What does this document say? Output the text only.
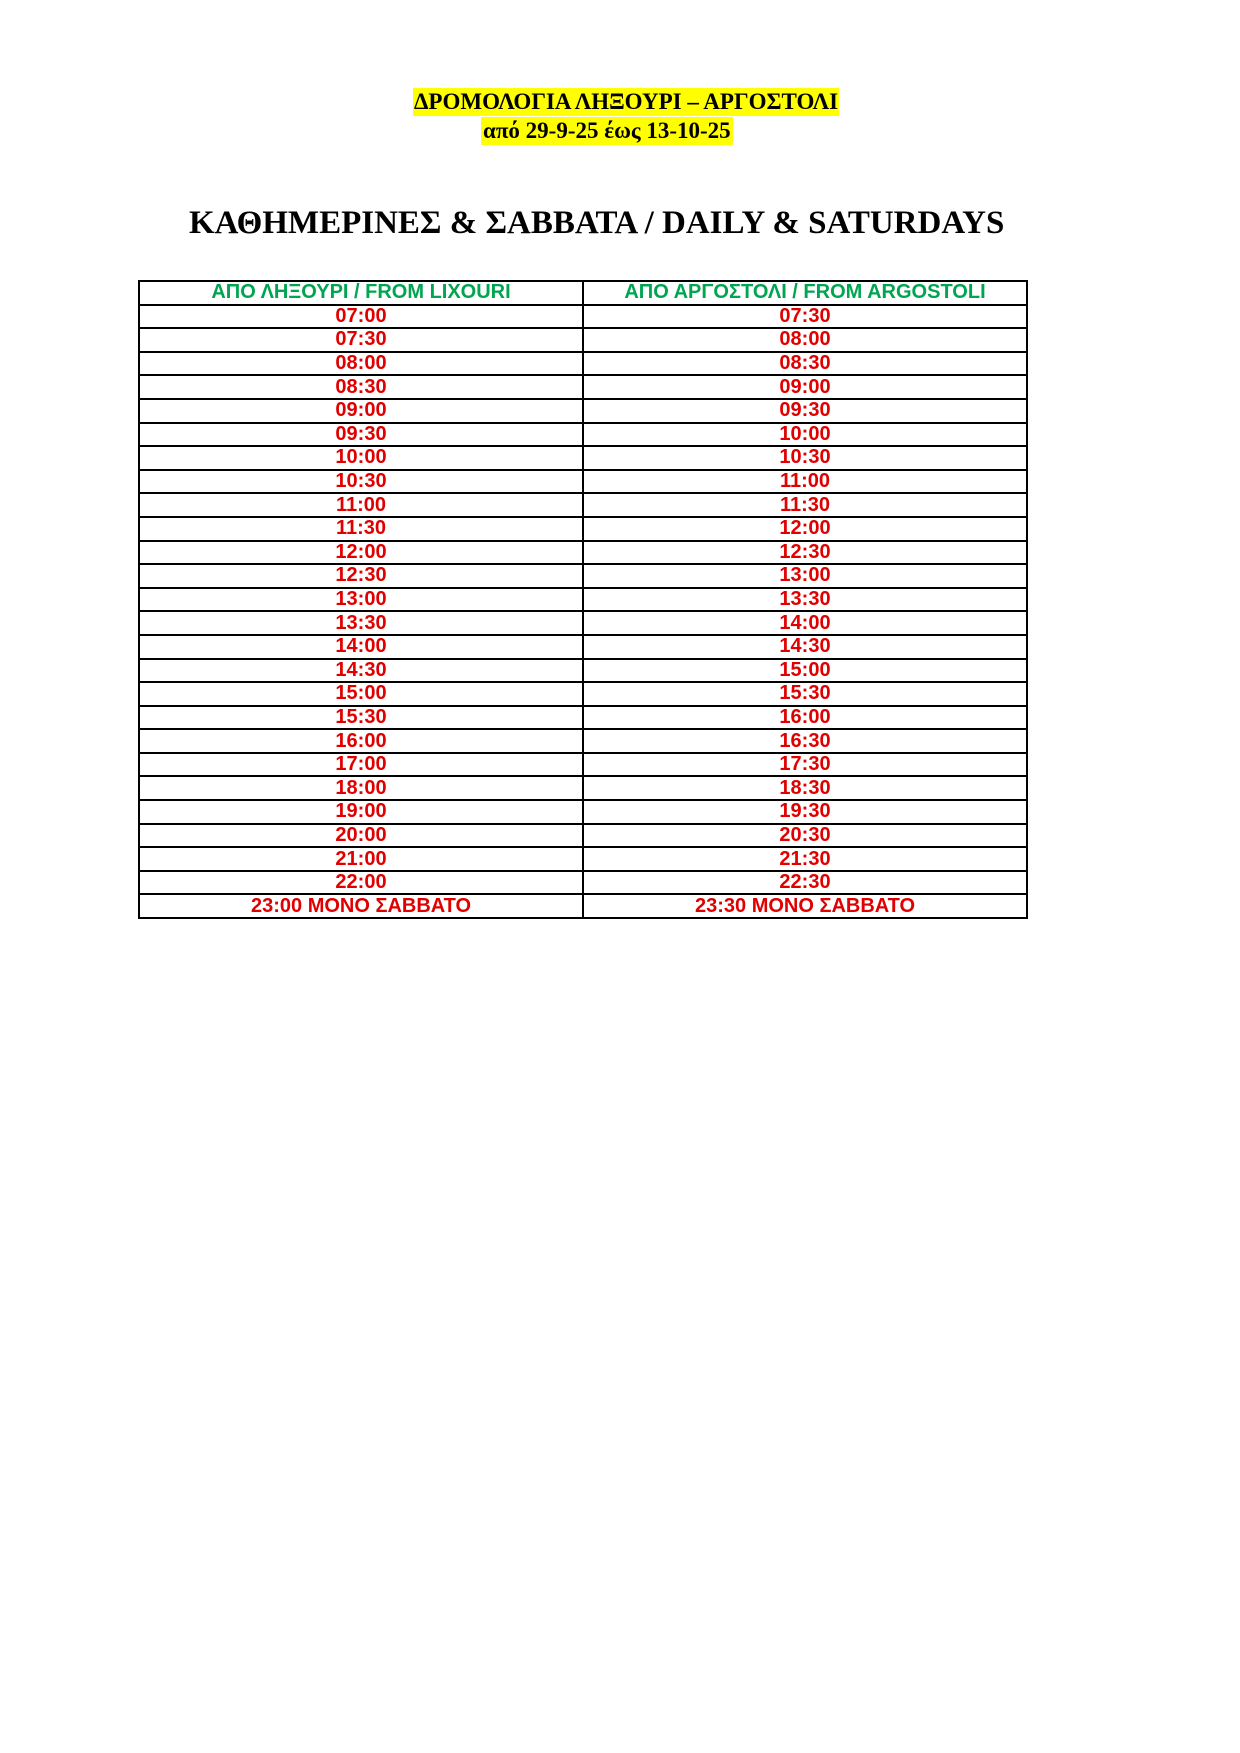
ΔΡΟΜΟΛΟΓΙΑ ΛΗΞΟΥΡΙ – ΑΡΓΟΣΤΟΛΙ
από 29-9-25 έως 13-10-25
ΚΑΘΗΜΕΡΙΝΕΣ & ΣΑΒΒΑΤΑ / DAILY & SATURDAYS
ΑΠΟ ΛΗΞΟΥΡΙ / FROM LIXOURI	ΑΠΟ ΑΡΓΟΣΤΟΛΙ / FROM ARGOSTOLI
07:00	07:30
07:30	08:00
08:00	08:30
08:30	09:00
09:00	09:30
09:30	10:00
10:00	10:30
10:30	11:00
11:00	11:30
11:30	12:00
12:00	12:30
12:30	13:00
13:00	13:30
13:30	14:00
14:00	14:30
14:30	15:00
15:00	15:30
15:30	16:00
16:00	16:30
17:00	17:30
18:00	18:30
19:00	19:30
20:00	20:30
21:00	21:30
22:00	22:30
23:00 ΜΟΝΟ ΣΑΒΒΑΤΟ	23:30 ΜΟΝΟ ΣΑΒΒΑΤΟ
